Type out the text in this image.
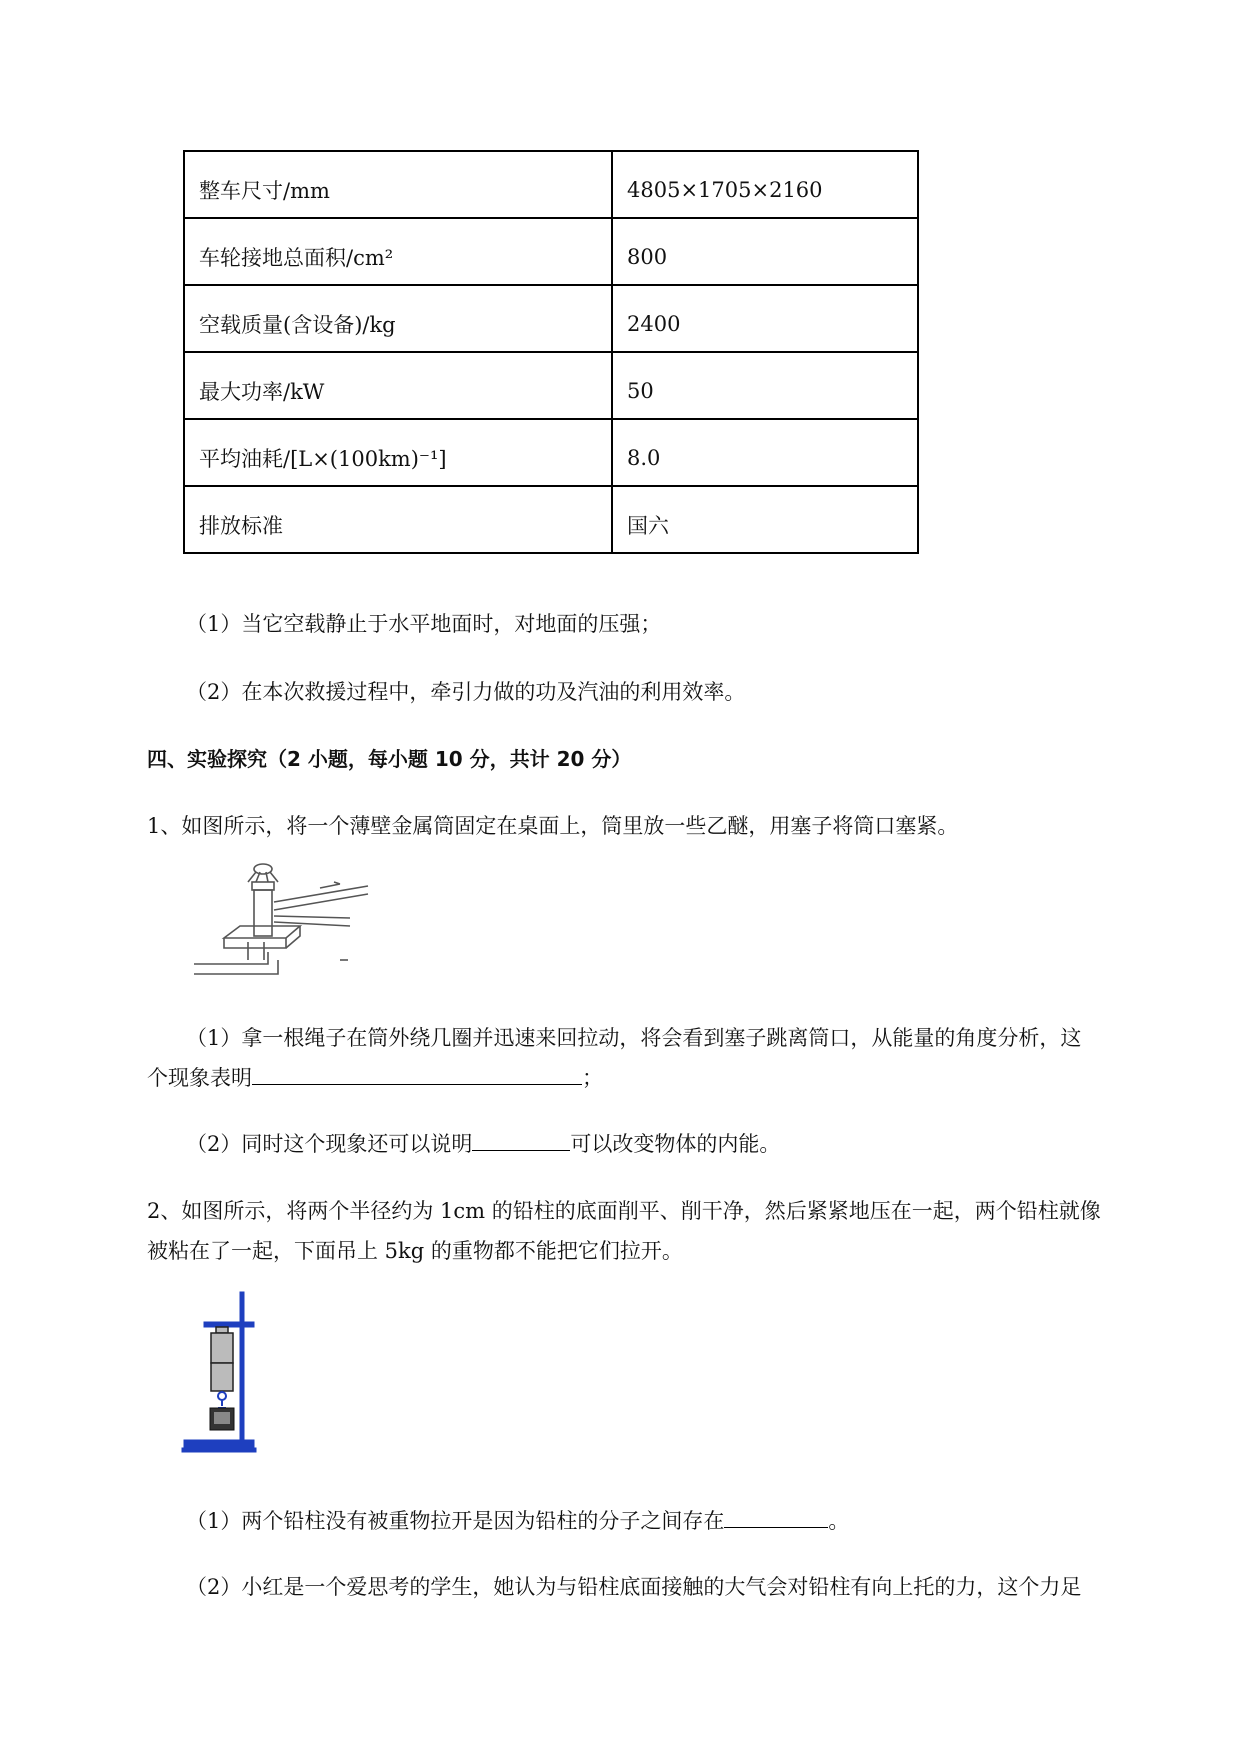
整车尺寸/mm	4805×1705×2160
车轮接地总面积/cm²	800
空载质量(含设备)/kg	2400
最大功率/kW	50
平均油耗/[L×(100km)⁻¹]	8.0
排放标准	国六
（1）当它空载静止于水平地面时，对地面的压强；
（2）在本次救援过程中，牵引力做的功及汽油的利用效率。
四、实验探究（2 小题，每小题 10 分，共计 20 分）
1、如图所示，将一个薄壁金属筒固定在桌面上，筒里放一些乙醚，用塞子将筒口塞紧。
（1）拿一根绳子在筒外绕几圈并迅速来回拉动，将会看到塞子跳离筒口，从能量的角度分析，这
个现象表明	；
（2）同时这个现象还可以说明	可以改变物体的内能。
2、如图所示，将两个半径约为 1cm 的铅柱的底面削平、削干净，然后紧紧地压在一起，两个铅柱就像
被粘在了一起，下面吊上 5kg 的重物都不能把它们拉开。
（1）两个铅柱没有被重物拉开是因为铅柱的分子之间存在	。
（2）小红是一个爱思考的学生，她认为与铅柱底面接触的大气会对铅柱有向上托的力，这个力足
